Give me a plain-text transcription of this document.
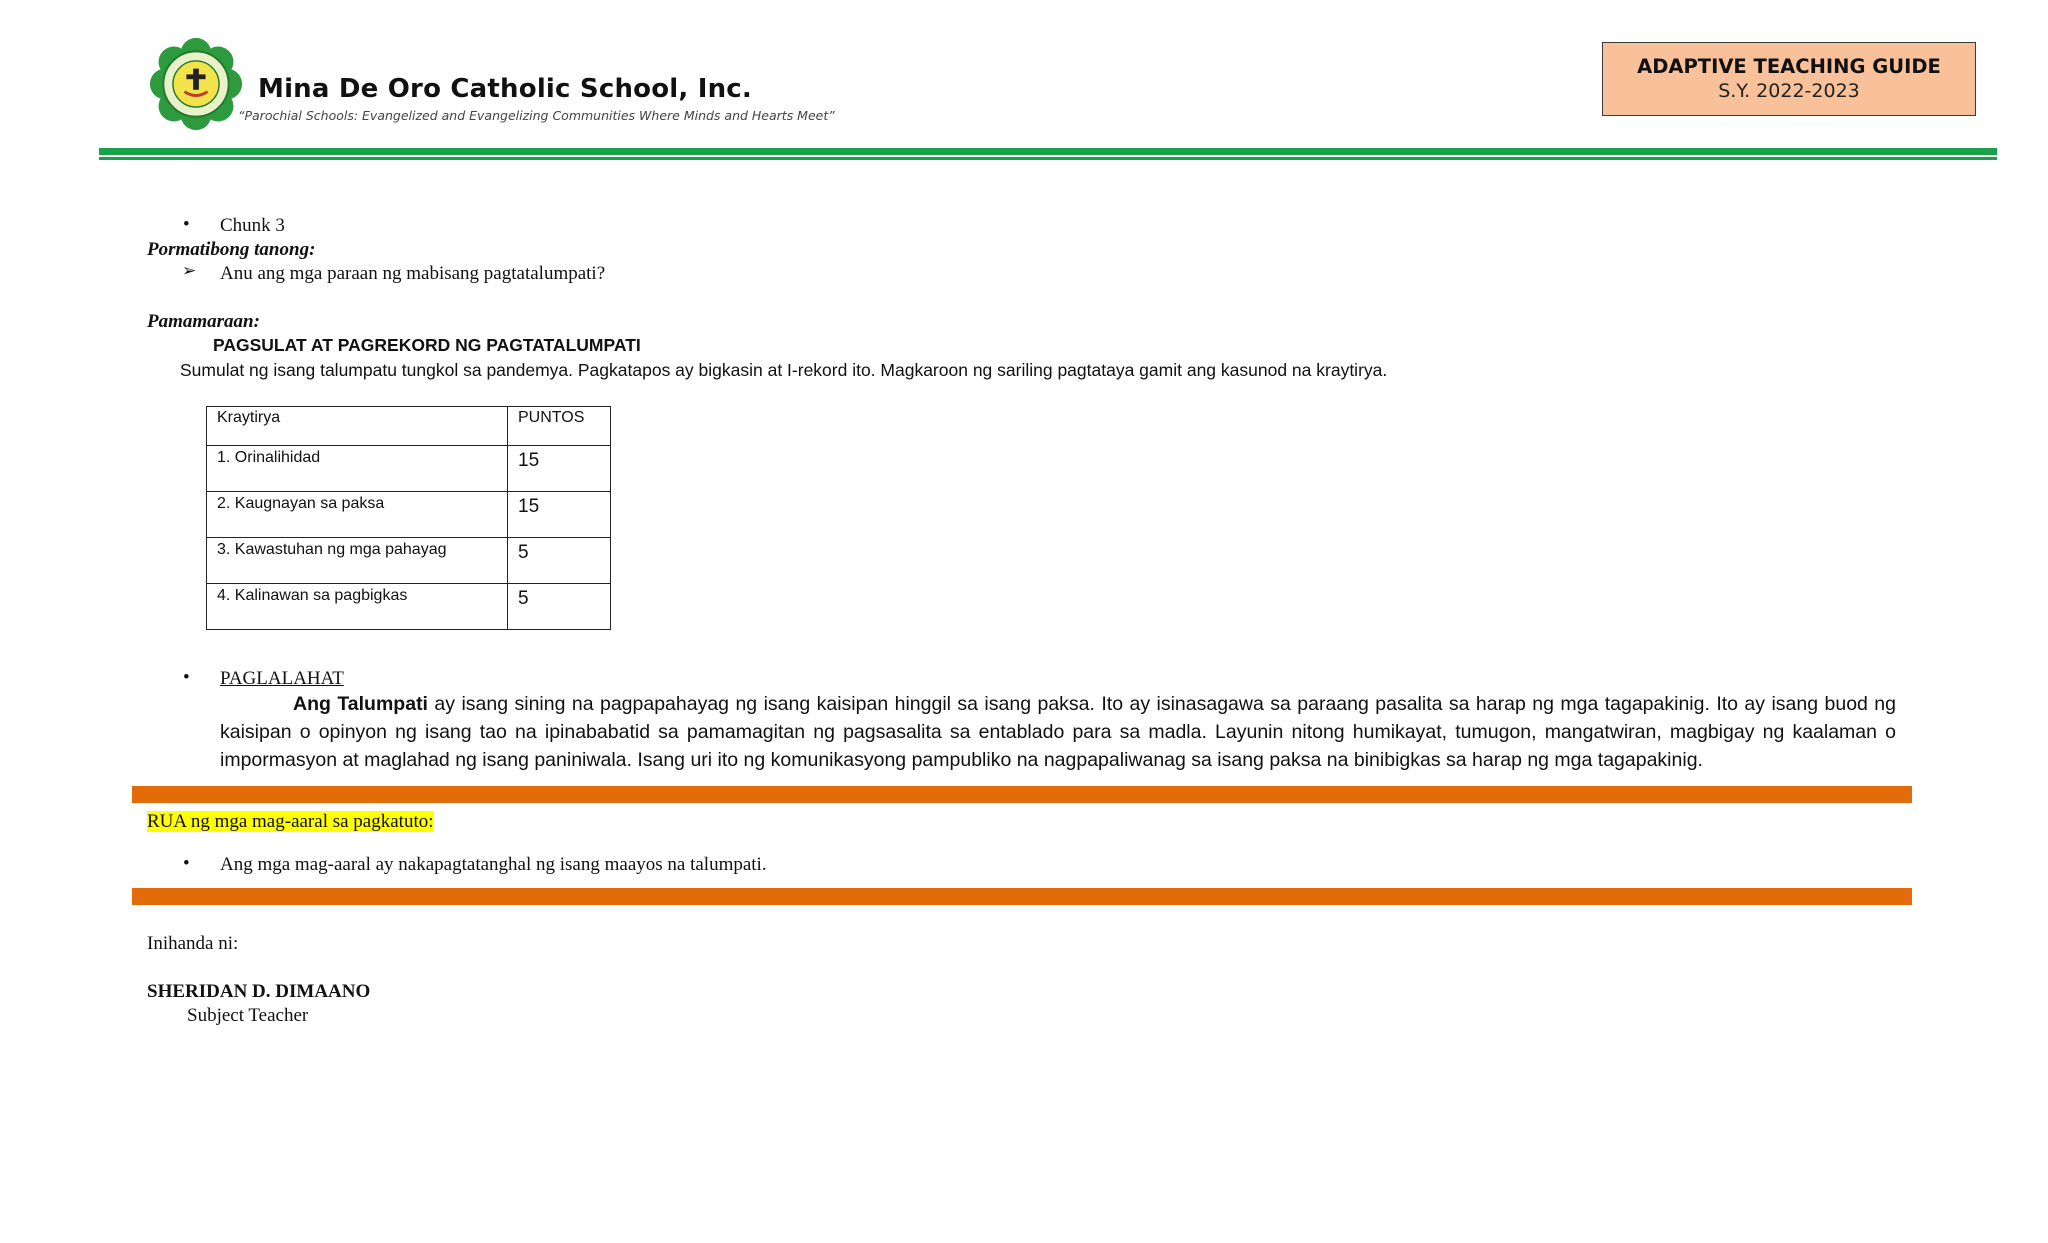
Mina De Oro Catholic School, Inc.
“Parochial Schools: Evangelized and Evangelizing Communities Where Minds and Hearts Meet”
ADAPTIVE TEACHING GUIDE
S.Y. 2022-2023
• Chunk 3
Pormatibong tanong:
➢ Anu ang mga paraan ng mabisang pagtatalumpati?
Pamamaraan:
PAGSULAT AT PAGREKORD NG PAGTATALUMPATI
Sumulat ng isang talumpatu tungkol sa pandemya. Pagkatapos ay bigkasin at I-rekord ito. Magkaroon ng sariling pagtataya gamit ang kasunod na kraytirya.
Kraytirya	PUNTOS
1. Orinalihidad	15
2. Kaugnayan sa paksa	15
3. Kawastuhan ng mga pahayag	5
4. Kalinawan sa pagbigkas	5
• PAGLALAHAT
Ang Talumpati ay isang sining na pagpapahayag ng isang kaisipan hinggil sa isang paksa. Ito ay isinasagawa sa paraang pasalita sa harap ng mga tagapakinig. Ito ay isang buod ng kaisipan o opinyon ng isang tao na ipinababatid sa pamamagitan ng pagsasalita sa entablado para sa madla. Layunin nitong humikayat, tumugon, mangatwiran, magbigay ng kaalaman o impormasyon at maglahad ng isang paniniwala. Isang uri ito ng komunikasyong pampubliko na nagpapaliwanag sa isang paksa na binibigkas sa harap ng mga tagapakinig.
RUA ng mga mag-aaral sa pagkatuto:
• Ang mga mag-aaral ay nakapagtatanghal ng isang maayos na talumpati.
Inihanda ni:
SHERIDAN D. DIMAANO
Subject Teacher
